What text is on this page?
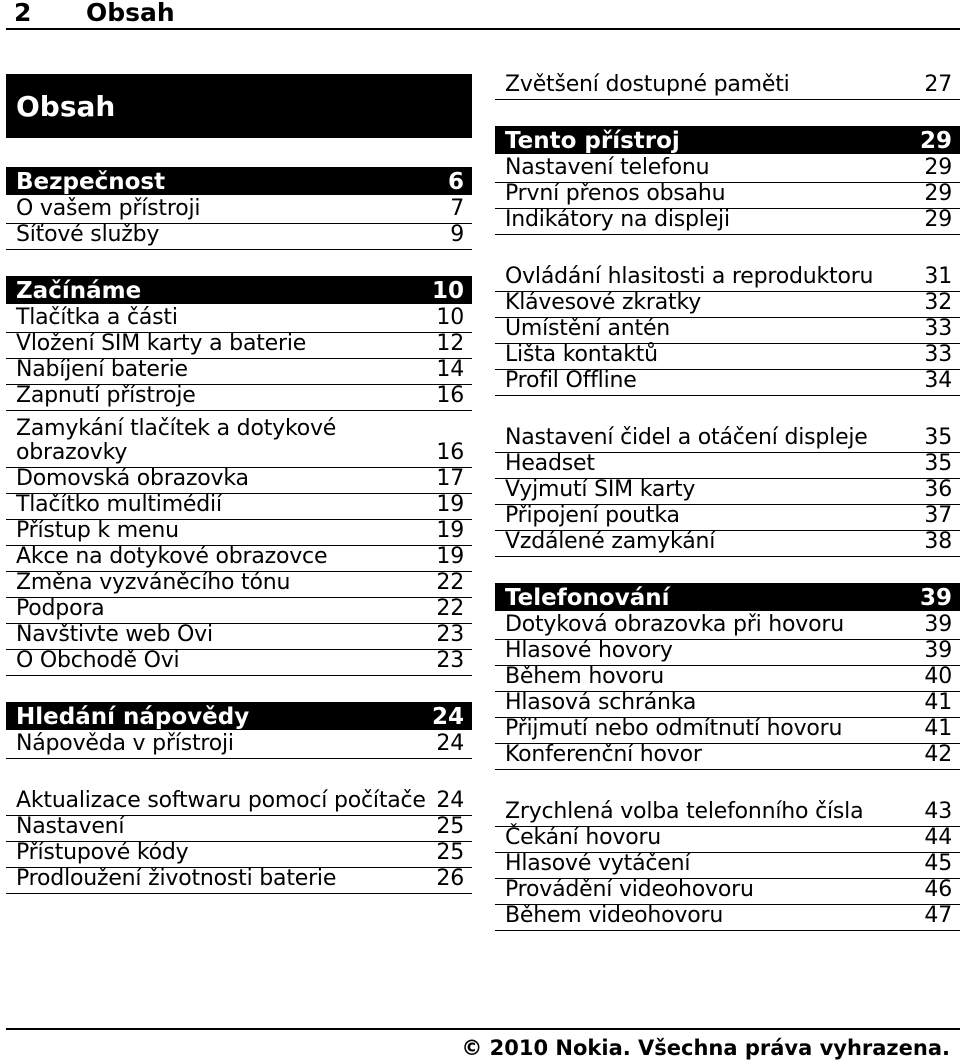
2 Obsah
Obsah
Bezpečnost	6
O vašem přístroji	7
Síťové služby	9
Začínáme	10
Tlačítka a části	10
Vložení SIM karty a baterie	12
Nabíjení baterie	14
Zapnutí přístroje	16
Zamykání tlačítek a dotykové obrazovky	16
Domovská obrazovka	17
Tlačítko multimédií	19
Přístup k menu	19
Akce na dotykové obrazovce	19
Změna vyzváněcího tónu	22
Podpora	22
Navštivte web Ovi	23
O Obchodě Ovi	23
Hledání nápovědy	24
Nápověda v přístroji	24
Aktualizace softwaru pomocí počítače 24
Nastavení	25
Přístupové kódy	25
Prodloužení životnosti baterie	26
Zvětšení dostupné paměti	27
Tento přístroj	29
Nastavení telefonu	29
První přenos obsahu	29
Indikátory na displeji	29
Ovládání hlasitosti a reproduktoru	31
Klávesové zkratky	32
Umístění antén	33
Lišta kontaktů	33
Profil Offline	34
Nastavení čidel a otáčení displeje	35
Headset	35
Vyjmutí SIM karty	36
Připojení poutka	37
Vzdálené zamykání	38
Telefonování	39
Dotyková obrazovka při hovoru	39
Hlasové hovory	39
Během hovoru	40
Hlasová schránka	41
Přijmutí nebo odmítnutí hovoru	41
Konferenční hovor	42
Zrychlená volba telefonního čísla	43
Čekání hovoru	44
Hlasové vytáčení	45
Provádění videohovoru	46
Během videohovoru	47
© 2010 Nokia. Všechna práva vyhrazena.
